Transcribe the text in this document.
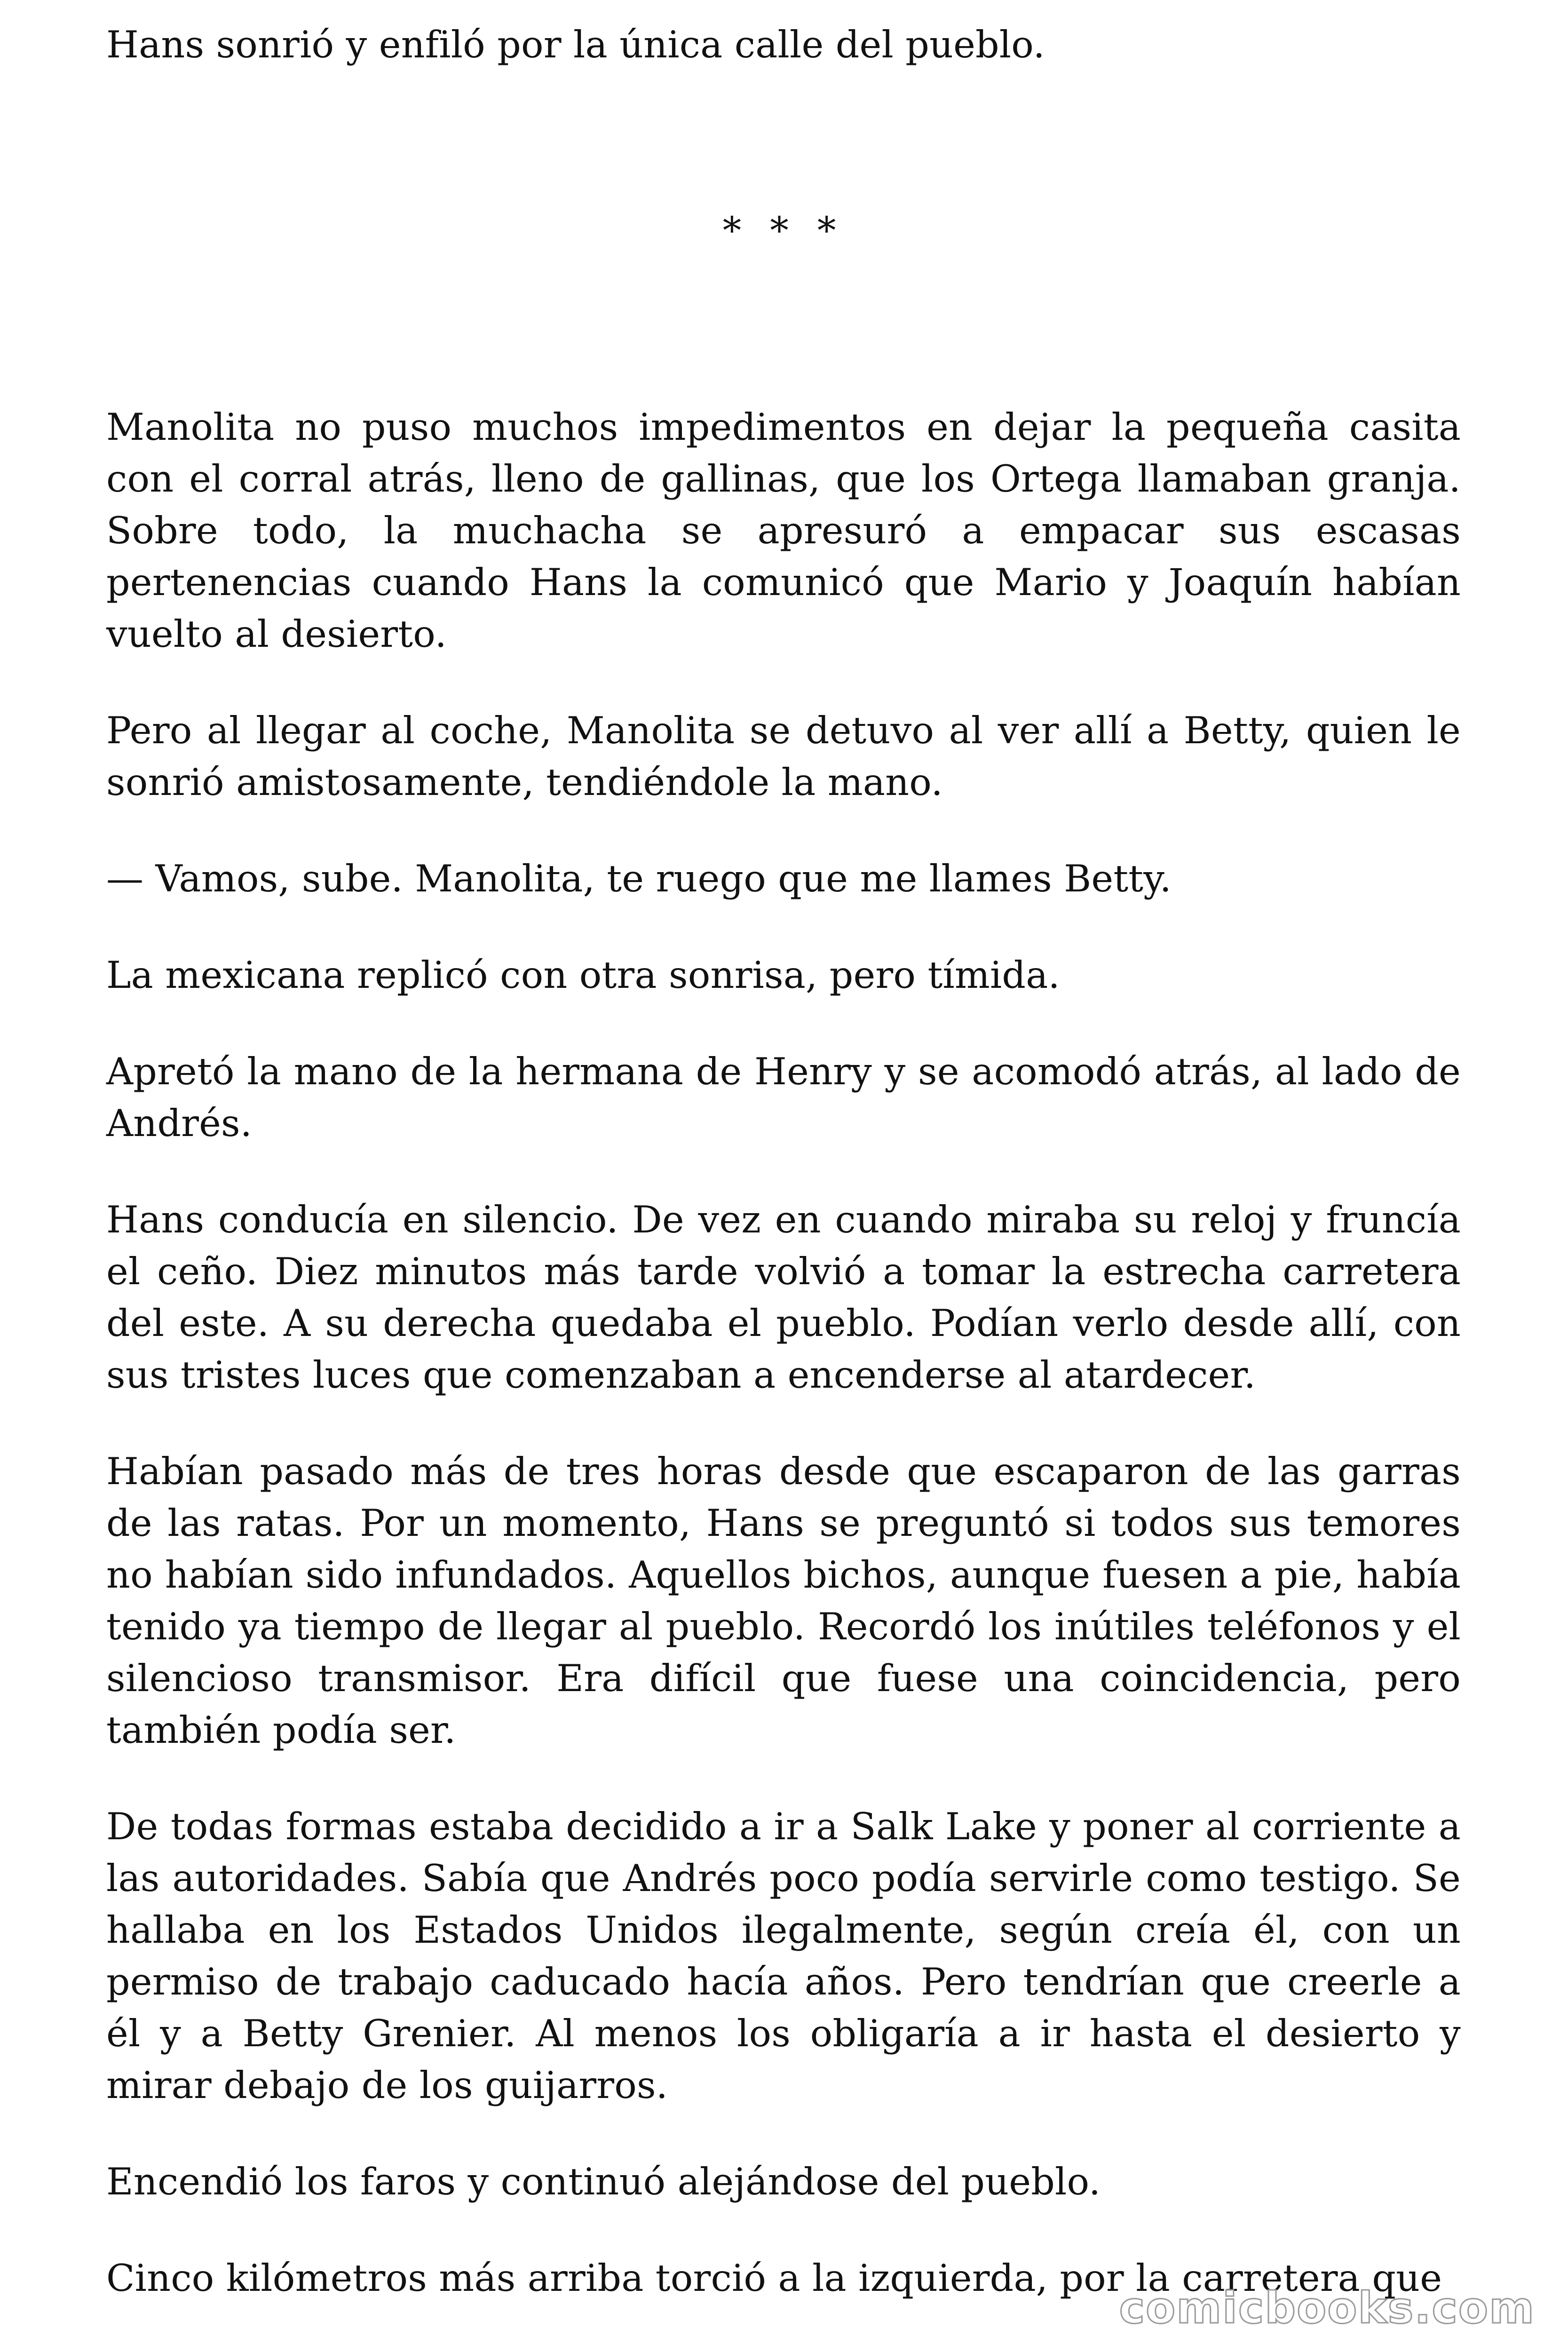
Hans sonrió y enfiló por la única calle del pueblo.

* * *

Manolita no puso muchos impedimentos en dejar la pequeña casita con el corral atrás, lleno de gallinas, que los Ortega llamaban granja. Sobre todo, la muchacha se apresuró a empacar sus escasas pertenencias cuando Hans la comunicó que Mario y Joaquín habían vuelto al desierto.

Pero al llegar al coche, Manolita se detuvo al ver allí a Betty, quien le sonrió amistosamente, tendiéndole la mano.

— Vamos, sube. Manolita, te ruego que me llames Betty.

La mexicana replicó con otra sonrisa, pero tímida.

Apretó la mano de la hermana de Henry y se acomodó atrás, al lado de Andrés.

Hans conducía en silencio. De vez en cuando miraba su reloj y fruncía el ceño. Diez minutos más tarde volvió a tomar la estrecha carretera del este. A su derecha quedaba el pueblo. Podían verlo desde allí, con sus tristes luces que comenzaban a encenderse al atardecer.

Habían pasado más de tres horas desde que escaparon de las garras de las ratas. Por un momento, Hans se preguntó si todos sus temores no habían sido infundados. Aquellos bichos, aunque fuesen a pie, había tenido ya tiempo de llegar al pueblo. Recordó los inútiles teléfonos y el silencioso transmisor. Era difícil que fuese una coincidencia, pero también podía ser.

De todas formas estaba decidido a ir a Salk Lake y poner al corriente a las autoridades. Sabía que Andrés poco podía servirle como testigo. Se hallaba en los Estados Unidos ilegalmente, según creía él, con un permiso de trabajo caducado hacía años. Pero tendrían que creerle a él y a Betty Grenier. Al menos los obligaría a ir hasta el desierto y mirar debajo de los guijarros.

Encendió los faros y continuó alejándose del pueblo.

Cinco kilómetros más arriba torció a la izquierda, por la carretera que

comicbooks.com
